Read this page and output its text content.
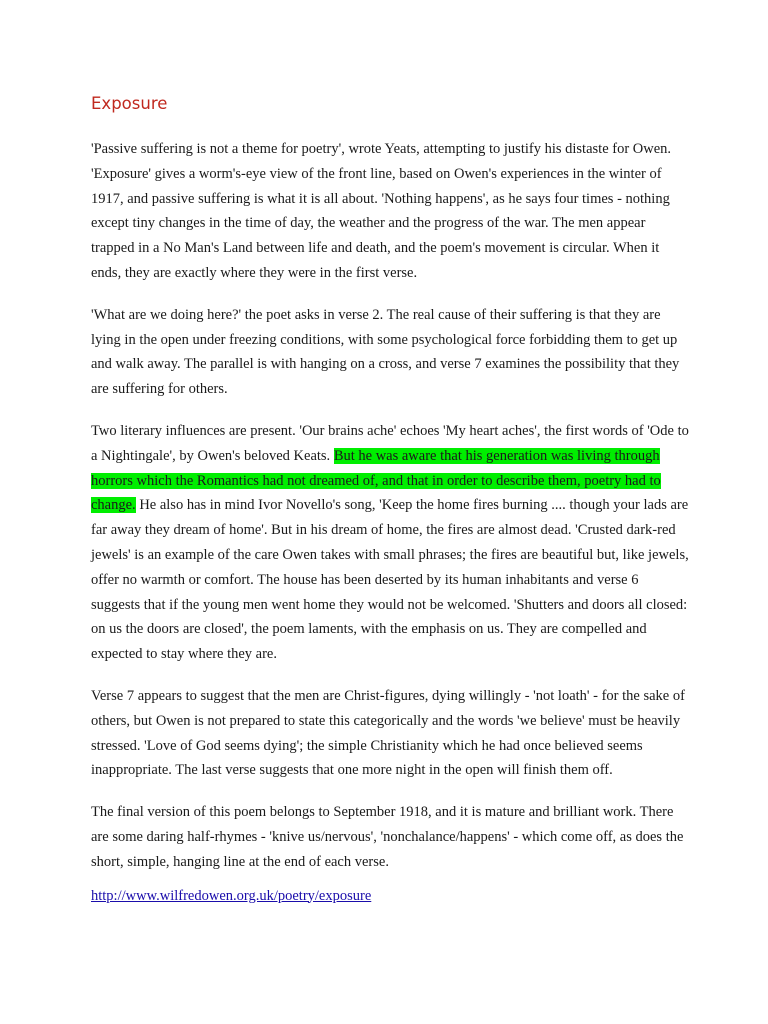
Exposure

'Passive suffering is not a theme for poetry', wrote Yeats, attempting to justify his distaste for Owen. 'Exposure' gives a worm's-eye view of the front line, based on Owen's experiences in the winter of 1917, and passive suffering is what it is all about. 'Nothing happens', as he says four times - nothing except tiny changes in the time of day, the weather and the progress of the war. The men appear trapped in a No Man's Land between life and death, and the poem's movement is circular. When it ends, they are exactly where they were in the first verse.

'What are we doing here?' the poet asks in verse 2. The real cause of their suffering is that they are lying in the open under freezing conditions, with some psychological force forbidding them to get up and walk away. The parallel is with hanging on a cross, and verse 7 examines the possibility that they are suffering for others.

Two literary influences are present. 'Our brains ache' echoes 'My heart aches', the first words of 'Ode to a Nightingale', by Owen's beloved Keats. But he was aware that his generation was living through horrors which the Romantics had not dreamed of, and that in order to describe them, poetry had to change. He also has in mind Ivor Novello's song, 'Keep the home fires burning .... though your lads are far away they dream of home'. But in his dream of home, the fires are almost dead. 'Crusted dark-red jewels' is an example of the care Owen takes with small phrases; the fires are beautiful but, like jewels, offer no warmth or comfort. The house has been deserted by its human inhabitants and verse 6 suggests that if the young men went home they would not be welcomed. 'Shutters and doors all closed: on us the doors are closed', the poem laments, with the emphasis on us. They are compelled and expected to stay where they are.

Verse 7 appears to suggest that the men are Christ-figures, dying willingly - 'not loath' - for the sake of others, but Owen is not prepared to state this categorically and the words 'we believe' must be heavily stressed. 'Love of God seems dying'; the simple Christianity which he had once believed seems inappropriate. The last verse suggests that one more night in the open will finish them off.

The final version of this poem belongs to September 1918, and it is mature and brilliant work. There are some daring half-rhymes - 'knive us/nervous', 'nonchalance/happens' - which come off, as does the short, simple, hanging line at the end of each verse.

http://www.wilfredowen.org.uk/poetry/exposure
